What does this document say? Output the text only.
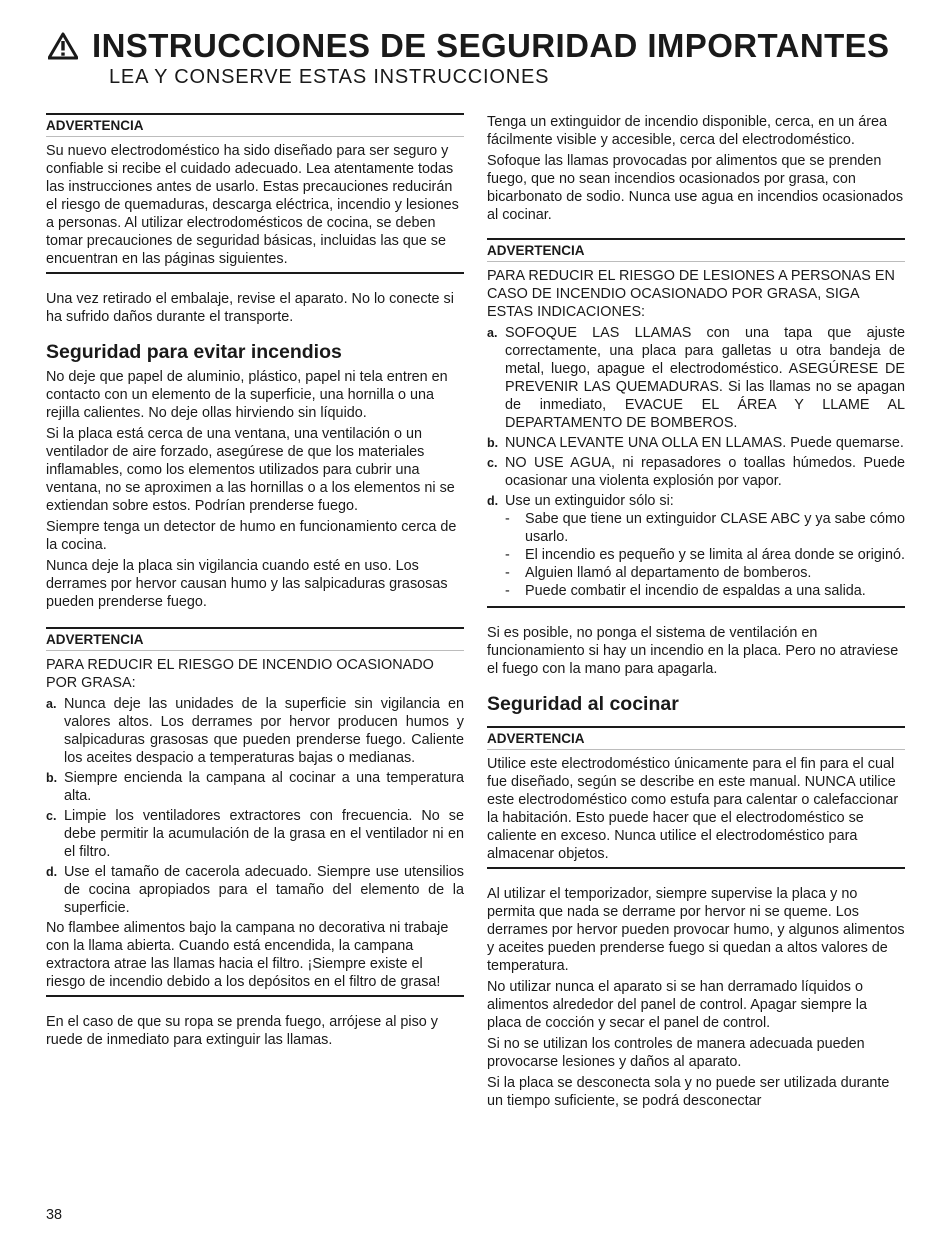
INSTRUCCIONES DE SEGURIDAD IMPORTANTES
LEA Y CONSERVE ESTAS INSTRUCCIONES
ADVERTENCIA

Su nuevo electrodoméstico ha sido diseñado para ser seguro y confiable si recibe el cuidado adecuado. Lea atentamente todas las instrucciones antes de usarlo. Estas precauciones reducirán el riesgo de quemaduras, descarga eléctrica, incendio y lesiones a personas. Al utilizar electrodomésticos de cocina, se deben tomar precauciones de seguridad básicas, incluidas las que se encuentran en las páginas siguientes.

Una vez retirado el embalaje, revise el aparato. No lo conecte si ha sufrido daños durante el transporte.

Seguridad para evitar incendios

No deje que papel de aluminio, plástico, papel ni tela entren en contacto con un elemento de la superficie, una hornilla o una rejilla calientes. No deje ollas hirviendo sin líquido.

Si la placa está cerca de una ventana, una ventilación o un ventilador de aire forzado, asegúrese de que los materiales inflamables, como los elementos utilizados para cubrir una ventana, no se aproximen a las hornillas o a los elementos ni se extiendan sobre estos. Podrían prenderse fuego.

Siempre tenga un detector de humo en funcionamiento cerca de la cocina.

Nunca deje la placa sin vigilancia cuando esté en uso. Los derrames por hervor causan humo y las salpicaduras grasosas pueden prenderse fuego.

ADVERTENCIA

PARA REDUCIR EL RIESGO DE INCENDIO OCASIONADO POR GRASA:

a. Nunca deje las unidades de la superficie sin vigilancia en valores altos. Los derrames por hervor producen humos y salpicaduras grasosas que pueden prenderse fuego. Caliente los aceites despacio a temperaturas bajas o medianas.
b. Siempre encienda la campana al cocinar a una temperatura alta.
c. Limpie los ventiladores extractores con frecuencia. No se debe permitir la acumulación de la grasa en el ventilador ni en el filtro.
d. Use el tamaño de cacerola adecuado. Siempre use utensilios de cocina apropiados para el tamaño del elemento de la superficie.

No flambee alimentos bajo la campana no decorativa ni trabaje con la llama abierta. Cuando está encendida, la campana extractora atrae las llamas hacia el filtro. ¡Siempre existe el riesgo de incendio debido a los depósitos en el filtro de grasa!

En el caso de que su ropa se prenda fuego, arrójese al piso y ruede de inmediato para extinguir las llamas.

Tenga un extinguidor de incendio disponible, cerca, en un área fácilmente visible y accesible, cerca del electrodoméstico.

Sofoque las llamas provocadas por alimentos que se prenden fuego, que no sean incendios ocasionados por grasa, con bicarbonato de sodio. Nunca use agua en incendios ocasionados al cocinar.

ADVERTENCIA

PARA REDUCIR EL RIESGO DE LESIONES A PERSONAS EN CASO DE INCENDIO OCASIONADO POR GRASA, SIGA ESTAS INDICACIONES:

a. SOFOQUE LAS LLAMAS con una tapa que ajuste correctamente, una placa para galletas u otra bandeja de metal, luego, apague el electrodoméstico. ASEGÚRESE DE PREVENIR LAS QUEMADURAS. Si las llamas no se apagan de inmediato, EVACUE EL ÁREA Y LLAME AL DEPARTAMENTO DE BOMBEROS.
b. NUNCA LEVANTE UNA OLLA EN LLAMAS. Puede quemarse.
c. NO USE AGUA, ni repasadores o toallas húmedos. Puede ocasionar una violenta explosión por vapor.
d. Use un extinguidor sólo si:
- Sabe que tiene un extinguidor CLASE ABC y ya sabe cómo usarlo.
- El incendio es pequeño y se limita al área donde se originó.
- Alguien llamó al departamento de bomberos.
- Puede combatir el incendio de espaldas a una salida.

Si es posible, no ponga el sistema de ventilación en funcionamiento si hay un incendio en la placa. Pero no atraviese el fuego con la mano para apagarla.

Seguridad al cocinar
ADVERTENCIA

Utilice este electrodoméstico únicamente para el fin para el cual fue diseñado, según se describe en este manual. NUNCA utilice este electrodoméstico como estufa para calentar o calefaccionar la habitación. Esto puede hacer que el electrodoméstico se caliente en exceso. Nunca utilice el electrodoméstico para almacenar objetos.

Al utilizar el temporizador, siempre supervise la placa y no permita que nada se derrame por hervor ni se queme. Los derrames por hervor pueden provocar humo, y algunos alimentos y aceites pueden prenderse fuego si quedan a altos valores de temperatura.

No utilizar nunca el aparato si se han derramado líquidos o alimentos alrededor del panel de control. Apagar siempre la placa de cocción y secar el panel de control.

Si no se utilizan los controles de manera adecuada pueden provocarse lesiones y daños al aparato.

Si la placa se desconecta sola y no puede ser utilizada durante un tiempo suficiente, se podrá desconectar

38
